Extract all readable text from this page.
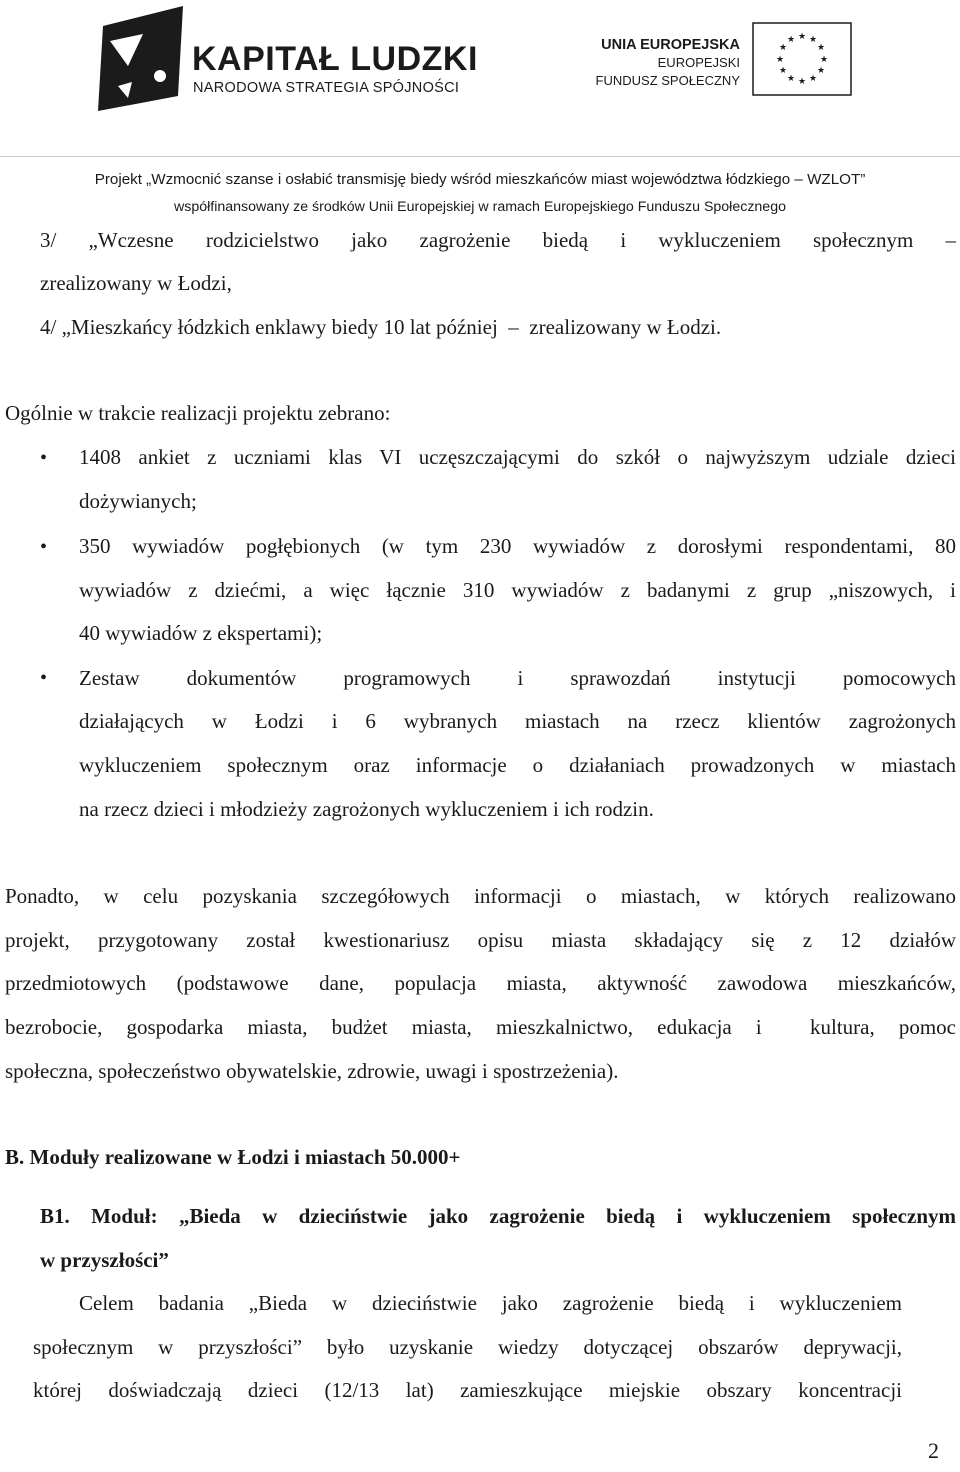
KAPITAŁ LUDZKI
NARODOWA STRATEGIA SPÓJNOŚCI
UNIA EUROPEJSKA
EUROPEJSKI
FUNDUSZ SPOŁECZNY
★ ★
★
★
★
★
★
★
★
★
★
★
Projekt „Wzmocnić szanse i osłabić transmisję biedy wśród mieszkańców miast województwa łódzkiego – WZLOT”
współfinansowany ze środków Unii Europejskiej w ramach Europejskiego Funduszu Społecznego
3/ „Wczesne rodzicielstwo jako zagrożenie biedą i wykluczeniem społecznym –
zrealizowany w Łodzi,
4/ „Mieszkańcy łódzkich enklawy biedy 10 lat później  –  zrealizowany w Łodzi.
Ogólnie w trakcie realizacji projektu zebrano:
• 1408 ankiet z uczniami klas VI uczęszczającymi do szkół o najwyższym udziale dzieci
dożywianych;
• 350 wywiadów pogłębionych (w tym 230 wywiadów z dorosłymi respondentami, 80
wywiadów z dziećmi, a więc łącznie 310 wywiadów z badanymi z grup „niszowych, i
40 wywiadów z ekspertami);
• Zestaw dokumentów programowych i sprawozdań instytucji pomocowych
działających w Łodzi i 6 wybranych miastach na rzecz klientów zagrożonych
wykluczeniem społecznym oraz informacje o działaniach prowadzonych w miastach
na rzecz dzieci i młodzieży zagrożonych wykluczeniem i ich rodzin.
Ponadto, w celu pozyskania szczegółowych informacji o miastach, w których realizowano
projekt, przygotowany został kwestionariusz opisu miasta składający się z 12 działów
przedmiotowych (podstawowe dane, populacja miasta, aktywność zawodowa mieszkańców,
bezrobocie, gospodarka miasta, budżet miasta, mieszkalnictwo, edukacja i  kultura, pomoc
społeczna, społeczeństwo obywatelskie, zdrowie, uwagi i spostrzeżenia).
B. Moduły realizowane w Łodzi i miastach 50.000+
B1. Moduł: „Bieda w dzieciństwie jako zagrożenie biedą i wykluczeniem społecznym
w przyszłości”
Celem badania „Bieda w dzieciństwie jako zagrożenie biedą i wykluczeniem
społecznym w przyszłości” było uzyskanie wiedzy dotyczącej obszarów deprywacji,
której doświadczają dzieci (12/13 lat) zamieszkujące miejskie obszary koncentracji
2
